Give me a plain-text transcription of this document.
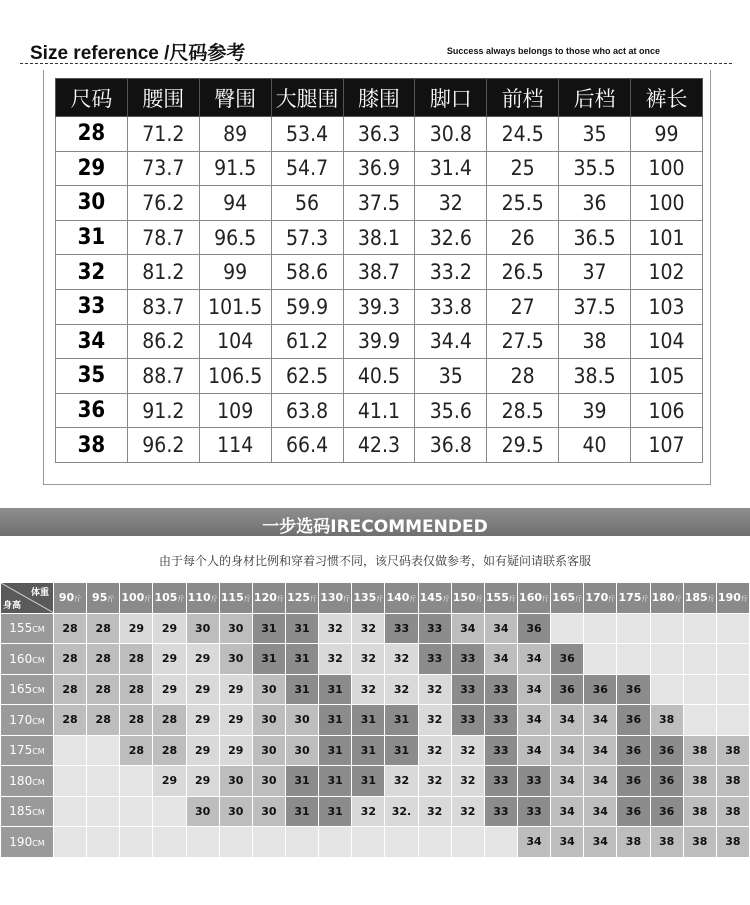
Size reference /尺码参考	Success always belongs to those who act at once
尺码	腰围	臀围	大腿围	膝围	脚口	前档	后档	裤长
28	71.2	89	53.4	36.3	30.8	24.5	35	99
29	73.7	91.5	54.7	36.9	31.4	25	35.5	100
30	76.2	94	56	37.5	32	25.5	36	100
31	78.7	96.5	57.3	38.1	32.6	26	36.5	101
32	81.2	99	58.6	38.7	33.2	26.5	37	102
33	83.7	101.5	59.9	39.3	33.8	27	37.5	103
34	86.2	104	61.2	39.9	34.4	27.5	38	104
35	88.7	106.5	62.5	40.5	35	28	38.5	105
36	91.2	109	63.8	41.1	35.6	28.5	39	106
38	96.2	114	66.4	42.3	36.8	29.5	40	107
一步选码IRECOMMENDED
由于每个人的身材比例和穿着习惯不同，该尺码表仅做参考，如有疑问请联系客服
体重
身高	90斤	95斤	100斤	105斤	110斤	115斤	120斤	125斤	130斤	135斤	140斤	145斤	150斤	155斤	160斤	165斤	170斤	175斤	180斤	185斤	190斤
155CM	28	28	29	29	30	30	31	31	32	32	33	33	34	34	36						
160CM	28	28	28	29	29	30	31	31	32	32	32	33	33	34	34	36					
165CM	28	28	28	29	29	29	30	31	31	32	32	32	33	33	34	36	36	36			
170CM	28	28	28	28	29	29	30	30	31	31	31	32	33	33	34	34	34	36	38		
175CM			28	28	29	29	30	30	31	31	31	32	32	33	34	34	34	36	36	38	38
180CM				29	29	30	30	31	31	31	32	32	32	33	33	34	34	36	36	38	38
185CM					30	30	30	31	31	32	32.	32	32	33	33	34	34	36	36	38	38
190CM															34	34	34	38	38	38	38
